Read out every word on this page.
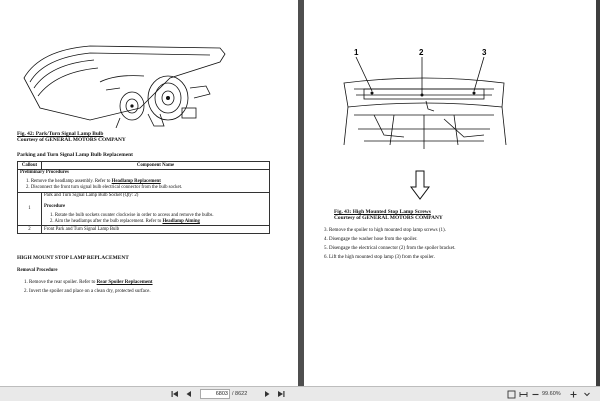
Fig. 42: Park/Turn Signal Lamp Bulb
Courtesy of GENERAL MOTORS COMPANY
Parking and Turn Signal Lamp Bulb Replacement
Callout	Component Name

Preliminary Procedures
1. Remove the headlamp assembly. Refer to Headlamp Replacement
2. Disconnect the front turn signal bulb electrical connector from the bulb socket.	

1	Park and Turn Signal Lamp Bulb Socket (Qty: 2)
Procedure
1. Rotate the bulb sockets counter clockwise in order to access and remove the bulbs.
2. Aim the headlamps after the bulb replacement. Refer to Headlamp Aiming

2	Front Park and Turn Signal Lamp Bulb
HIGH MOUNT STOP LAMP REPLACEMENT
Removal Procedure
1. Remove the rear spoiler. Refer to Rear Spoiler Replacement
2. Invert the spoiler and place on a clean dry, protected surface.
1	2	3
Fig. 43: High Mounted Stop Lamp Screws
Courtesy of GENERAL MOTORS COMPANY
3. Remove the spoiler to high mounted stop lamp screws (1).
4. Disengage the washer hose from the spoiler.
5. Disengage the electrical connector (2) from the spoiler bracket.
6. Lift the high mounted stop lamp (3) from the spoiler.
6803 / 8622	99.60%
